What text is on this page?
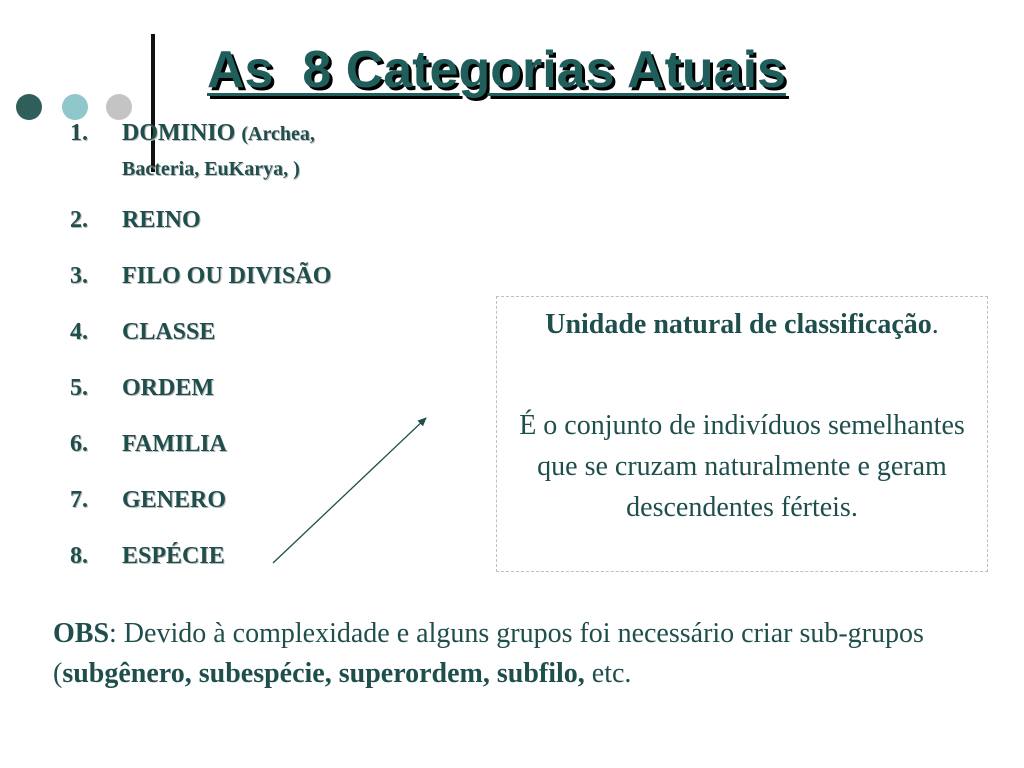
As  8 Categorias Atuais
1. DOMINIO (Archea,
Bacteria, EuKarya, )
2. REINO
3. FILO OU DIVISÃO
4. CLASSE
5. ORDEM
6. FAMILIA
7. GENERO
8. ESPÉCIE

Unidade natural de classificação.

É o conjunto de indivíduos semelhantes que se cruzam naturalmente e geram descendentes férteis.

OBS: Devido à complexidade e alguns grupos foi necessário criar sub-grupos (subgênero, subespécie, superordem, subfilo, etc.
